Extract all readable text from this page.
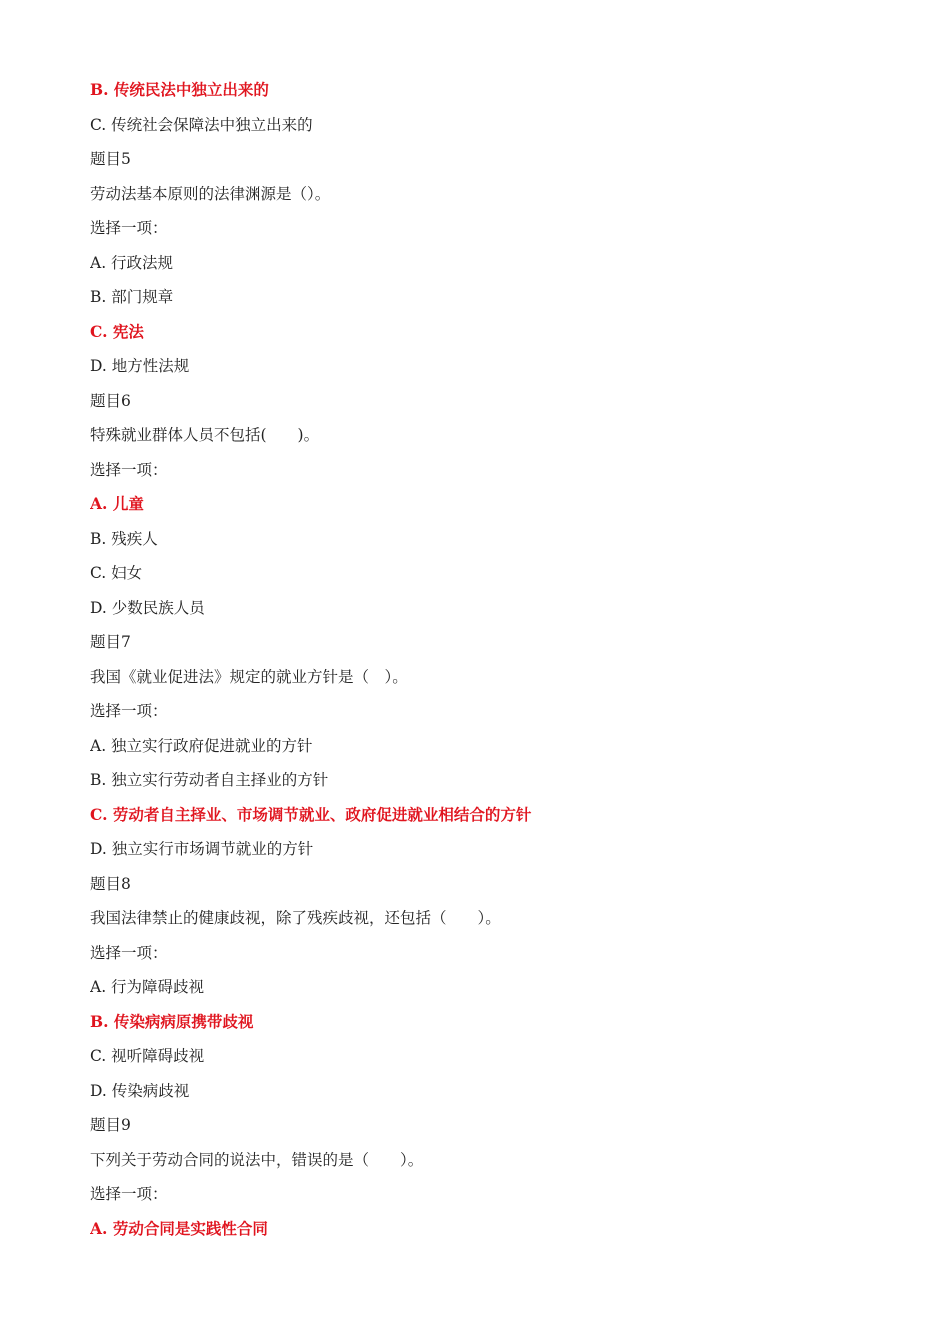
B. 传统民法中独立出来的
C. 传统社会保障法中独立出来的
题目5
劳动法基本原则的法律渊源是（）。
选择一项：
A. 行政法规
B. 部门规章
C. 宪法
D. 地方性法规
题目6
特殊就业群体人员不包括(　　)。
选择一项：
A. 儿童
B. 残疾人
C. 妇女
D. 少数民族人员
题目7
我国《就业促进法》规定的就业方针是（　）。
选择一项：
A. 独立实行政府促进就业的方针
B. 独立实行劳动者自主择业的方针
C. 劳动者自主择业、市场调节就业、政府促进就业相结合的方针
D. 独立实行市场调节就业的方针
题目8
我国法律禁止的健康歧视，除了残疾歧视，还包括（　　）。
选择一项：
A. 行为障碍歧视
B. 传染病病原携带歧视
C. 视听障碍歧视
D. 传染病歧视
题目9
下列关于劳动合同的说法中，错误的是（　　）。
选择一项：
A. 劳动合同是实践性合同
